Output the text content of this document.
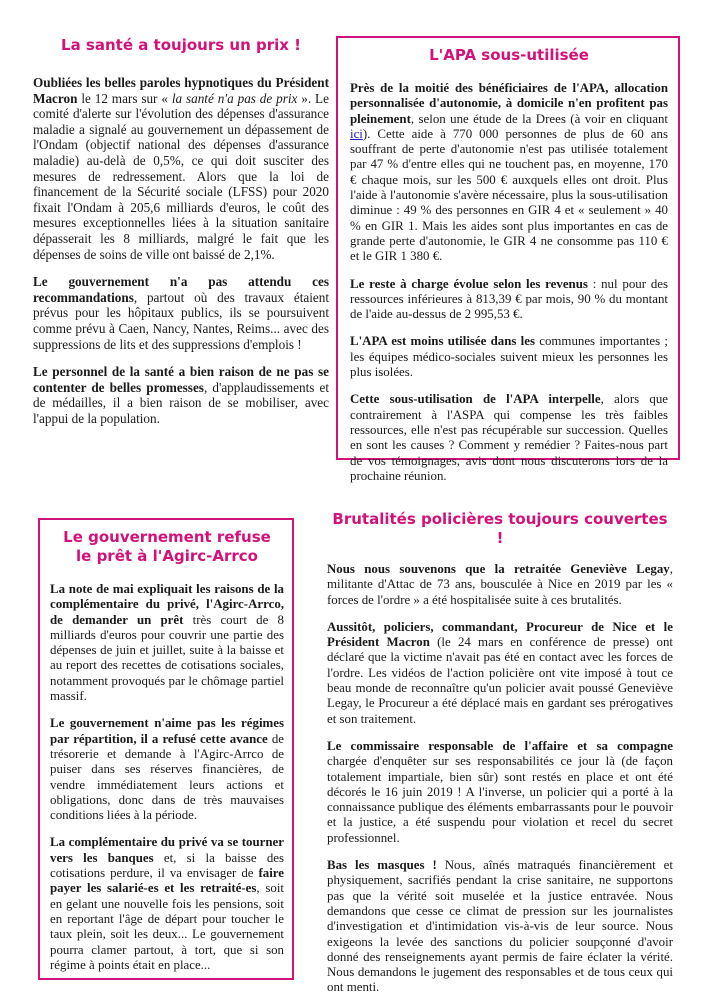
La santé a toujours un prix !

Oubliées les belles paroles hypnotiques du Président Macron le 12 mars sur « la santé n'a pas de prix ». Le comité d'alerte sur l'évolution des dépenses d'assurance maladie a signalé au gouvernement un dépassement de l'Ondam (objectif national des dépenses d'assurance maladie) au-delà de 0,5%, ce qui doit susciter des mesures de redressement. Alors que la loi de financement de la Sécurité sociale (LFSS) pour 2020 fixait l'Ondam à 205,6 milliards d'euros, le coût des mesures exceptionnelles liées à la situation sanitaire dépasserait les 8 milliards, malgré le fait que les dépenses de soins de ville ont baissé de 2,1%.

Le gouvernement n'a pas attendu ces recommandations, partout où des travaux étaient prévus pour les hôpitaux publics, ils se poursuivent comme prévu à Caen, Nancy, Nantes, Reims... avec des suppressions de lits et des suppressions d'emplois !

Le personnel de la santé a bien raison de ne pas se contenter de belles promesses, d'applaudissements et de médailles, il a bien raison de se mobiliser, avec l'appui de la population.

L'APA sous-utilisée

Près de la moitié des bénéficiaires de l'APA, allocation personnalisée d'autonomie, à domicile n'en profitent pas pleinement, selon une étude de la Drees (à voir en cliquant ici). Cette aide à 770 000 personnes de plus de 60 ans souffrant de perte d'autonomie n'est pas utilisée totalement par 47 % d'entre elles qui ne touchent pas, en moyenne, 170 € chaque mois, sur les 500 € auxquels elles ont droit. Plus l'aide à l'autonomie s'avère nécessaire, plus la sous-utilisation diminue : 49 % des personnes en GIR 4 et « seulement » 40 % en GIR 1. Mais les aides sont plus importantes en cas de grande perte d'autonomie, le GIR 4 ne consomme pas 110 € et le GIR 1 380 €.

Le reste à charge évolue selon les revenus : nul pour des ressources inférieures à 813,39 € par mois, 90 % du montant de l'aide au-dessus de 2 995,53 €.

L'APA est moins utilisée dans les communes importantes ; les équipes médico-sociales suivent mieux les personnes les plus isolées.

Cette sous-utilisation de l'APA interpelle, alors que contrairement à l'ASPA qui compense les très faibles ressources, elle n'est pas récupérable sur succession. Quelles en sont les causes ? Comment y remédier ? Faites-nous part de vos témoignages, avis dont nous discuterons lors de la prochaine réunion.

Le gouvernement refuse
le prêt à l'Agirc-Arrco

La note de mai expliquait les raisons de la complémentaire du privé, l'Agirc-Arrco, de demander un prêt très court de 8 milliards d'euros pour couvrir une partie des dépenses de juin et juillet, suite à la baisse et au report des recettes de cotisations sociales, notamment provoqués par le chômage partiel massif.

Le gouvernement n'aime pas les régimes par répartition, il a refusé cette avance de trésorerie et demande à l'Agirc-Arrco de puiser dans ses réserves financières, de vendre immédiatement leurs actions et obligations, donc dans de très mauvaises conditions liées à la période.

La complémentaire du privé va se tourner vers les banques et, si la baisse des cotisations perdure, il va envisager de faire payer les salarié-es et les retraité-es, soit en gelant une nouvelle fois les pensions, soit en reportant l'âge de départ pour toucher le taux plein, soit les deux... Le gouvernement pourra clamer partout, à tort, que si son régime à points était en place...

Brutalités policières toujours couvertes !

Nous nous souvenons que la retraitée Geneviève Legay, militante d'Attac de 73 ans, bousculée à Nice en 2019 par les « forces de l'ordre » a été hospitalisée suite à ces brutalités.

Aussitôt, policiers, commandant, Procureur de Nice et le Président Macron (le 24 mars en conférence de presse) ont déclaré que la victime n'avait pas été en contact avec les forces de l'ordre. Les vidéos de l'action policière ont vite imposé à tout ce beau monde de reconnaître qu'un policier avait poussé Geneviève Legay, le Procureur a été déplacé mais en gardant ses prérogatives et son traitement.

Le commissaire responsable de l'affaire et sa compagne chargée d'enquêter sur ses responsabilités ce jour là (de façon totalement impartiale, bien sûr) sont restés en place et ont été décorés le 16 juin 2019 ! A l'inverse, un policier qui a porté à la connaissance publique des éléments embarrassants pour le pouvoir et la justice, a été suspendu pour violation et recel du secret professionnel.

Bas les masques ! Nous, aînés matraqués financièrement et physiquement, sacrifiés pendant la crise sanitaire, ne supportons pas que la vérité soit muselée et la justice entravée. Nous demandons que cesse ce climat de pression sur les journalistes d'investigation et d'intimidation vis-à-vis de leur source. Nous exigeons la levée des sanctions du policier soupçonné d'avoir donné des renseignements ayant permis de faire éclater la vérité. Nous demandons le jugement des responsables et de tous ceux qui ont menti.
